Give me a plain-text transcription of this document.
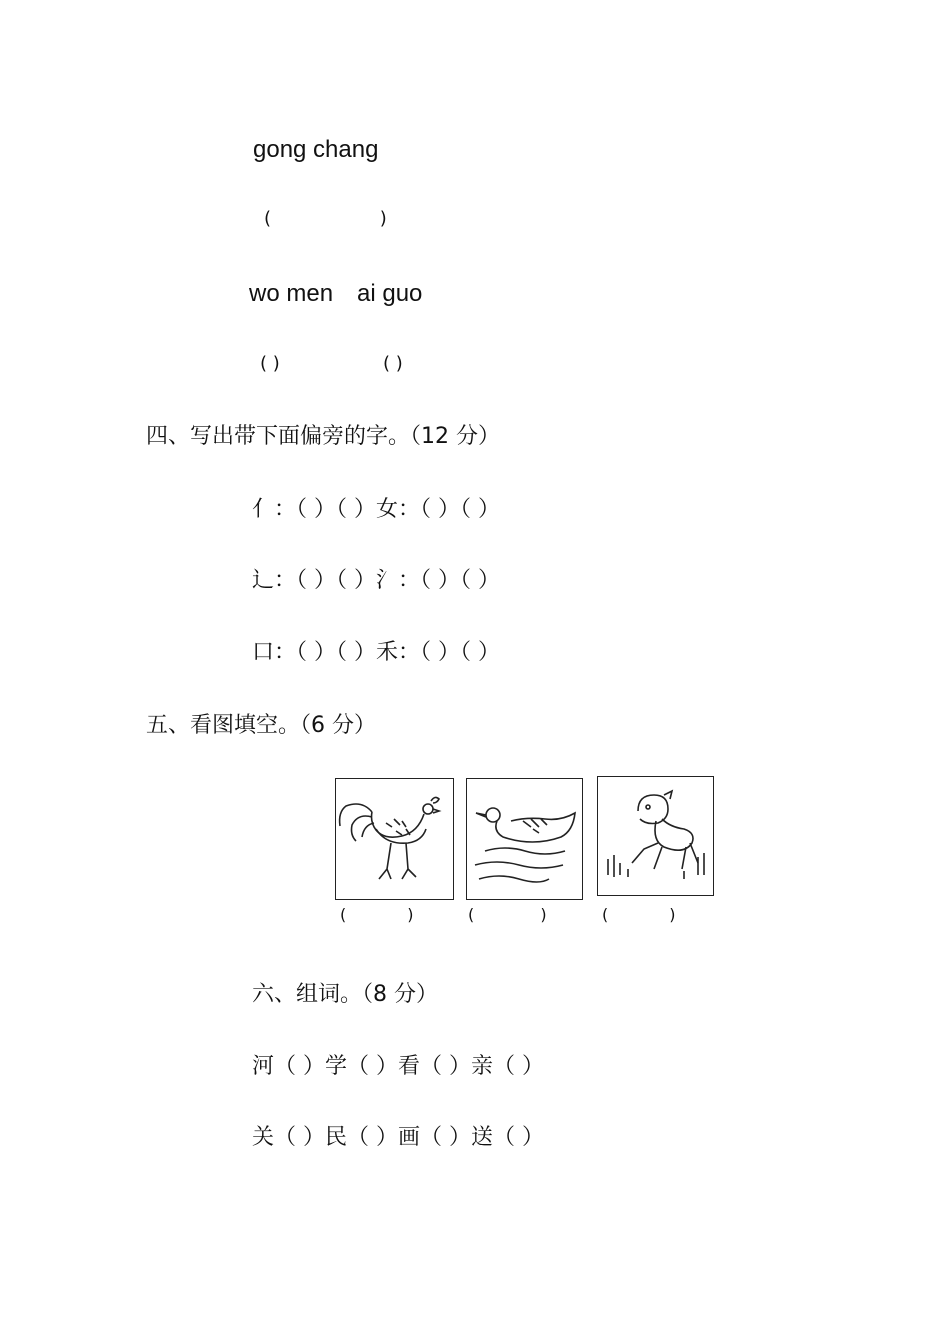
gong chang
(                   )
wo men ai guo
( )	( )
四、写出带下面偏旁的字。（12 分）
亻：（ ）（ ）女：（ ）（ ）
辶：（ ）（ ）氵：（ ）（ ）
口：（ ）（ ）禾：（ ）（ ）
五、看图填空。（6 分）
(            )	(             )	(            )
六、组词。（8 分）
河（ ）学（ ）看（ ）亲（ ）
关（ ）民（ ）画（ ）送（ ）
